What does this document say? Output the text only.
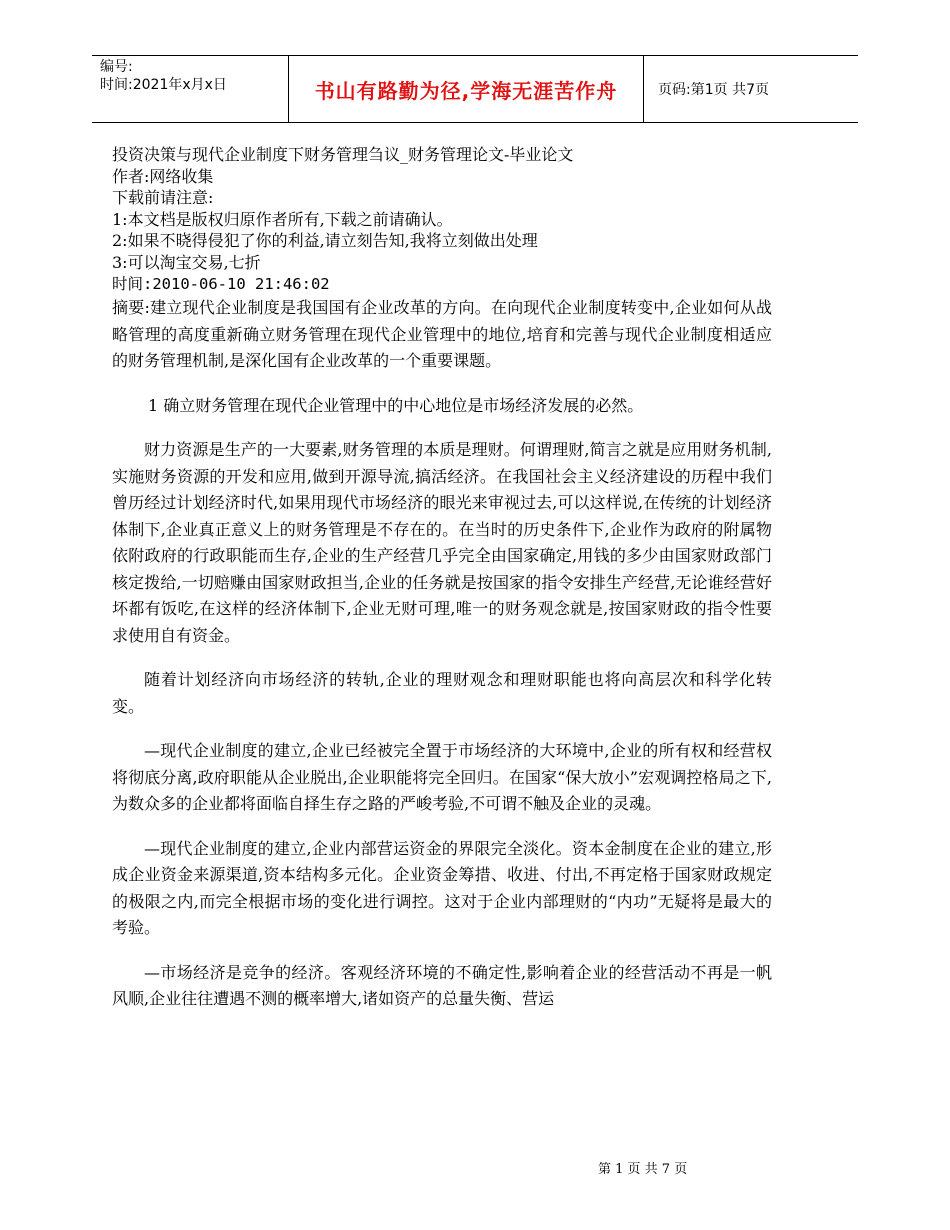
编号:
时间:2021年x月x日	书山有路勤为径,学海无涯苦作舟	页码:第1页 共7页
投资决策与现代企业制度下财务管理刍议_财务管理论文-毕业论文
作者:网络收集
下载前请注意:
1:本文档是版权归原作者所有,下载之前请确认。
2:如果不晓得侵犯了你的利益,请立刻告知,我将立刻做出处理
3:可以淘宝交易,七折
时间:2010-06-10 21:46:02

摘要:建立现代企业制度是我国国有企业改革的方向。在向现代企业制度转变中,企业如何从战略管理的高度重新确立财务管理在现代企业管理中的地位,培育和完善与现代企业制度相适应的财务管理机制,是深化国有企业改革的一个重要课题。

1 确立财务管理在现代企业管理中的中心地位是市场经济发展的必然。

财力资源是生产的一大要素,财务管理的本质是理财。何谓理财,简言之就是应用财务机制,实施财务资源的开发和应用,做到开源导流,搞活经济。在我国社会主义经济建设的历程中我们曾历经过计划经济时代,如果用现代市场经济的眼光来审视过去,可以这样说,在传统的计划经济体制下,企业真正意义上的财务管理是不存在的。在当时的历史条件下,企业作为政府的附属物依附政府的行政职能而生存,企业的生产经营几乎完全由国家确定,用钱的多少由国家财政部门核定拨给,一切赔赚由国家财政担当,企业的任务就是按国家的指令安排生产经营,无论谁经营好坏都有饭吃,在这样的经济体制下,企业无财可理,唯一的财务观念就是,按国家财政的指令性要求使用自有资金。

随着计划经济向市场经济的转轨,企业的理财观念和理财职能也将向高层次和科学化转变。

—现代企业制度的建立,企业已经被完全置于市场经济的大环境中,企业的所有权和经营权将彻底分离,政府职能从企业脱出,企业职能将完全回归。在国家“保大放小”宏观调控格局之下,为数众多的企业都将面临自择生存之路的严峻考验,不可谓不触及企业的灵魂。

—现代企业制度的建立,企业内部营运资金的界限完全淡化。资本金制度在企业的建立,形成企业资金来源渠道,资本结构多元化。企业资金筹措、收进、付出,不再定格于国家财政规定的极限之内,而完全根据市场的变化进行调控。这对于企业内部理财的“内功”无疑将是最大的考验。

—市场经济是竞争的经济。客观经济环境的不确定性,影响着企业的经营活动不再是一帆风顺,企业往往遭遇不测的概率增大,诸如资产的总量失衡、营运

第 1 页 共 7 页
